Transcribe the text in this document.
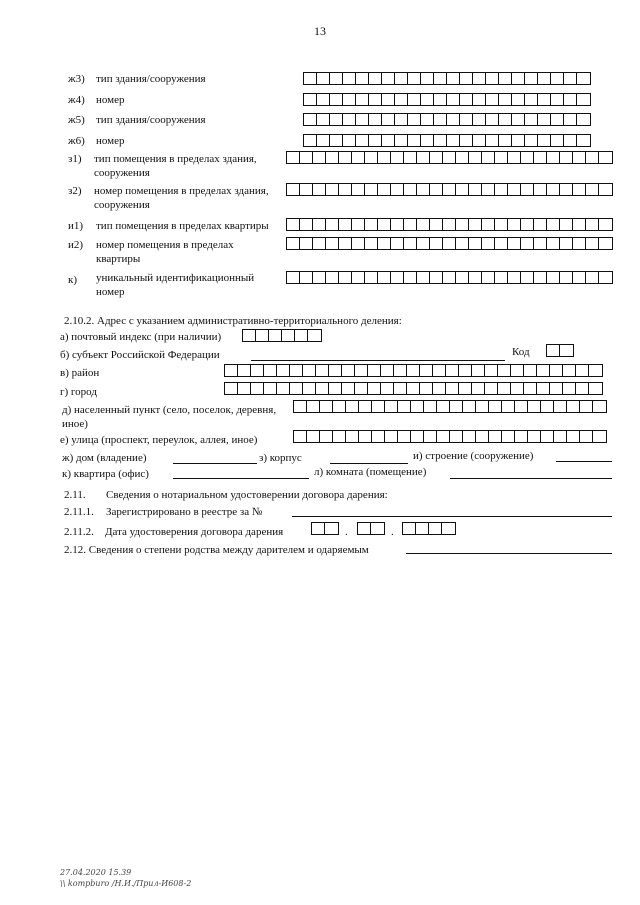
13
ж3) тип здания/сооружения
ж4) номер
ж5) тип здания/сооружения
ж6) номер
з1) тип помещения в пределах здания, сооружения
з2) номер помещения в пределах здания, сооружения
и1) тип помещения в пределах квартиры
и2) номер помещения в пределах квартиры
к) уникальный идентификационный номер
2.10.2. Адрес с указанием административно-территориального деления:
а) почтовый индекс (при наличии)
б) субъект Российской Федерации	Код
в) район
г) город
д) населенный пункт (село, поселок, деревня, иное)
е) улица (проспект, переулок, аллея, иное)
ж) дом (владение)	з) корпус	и) строение (сооружение)
к) квартира (офис)	л) комната (помещение)
2.11. Сведения о нотариальном удостоверении договора дарения:
2.11.1. Зарегистрировано в реестре за №
2.11.2. Дата удостоверения договора дарения	.	.
2.12. Сведения о степени родства между дарителем и одаряемым
27.04.2020 15.39
\\ kompburo /Н.И./Прил-И608-2
